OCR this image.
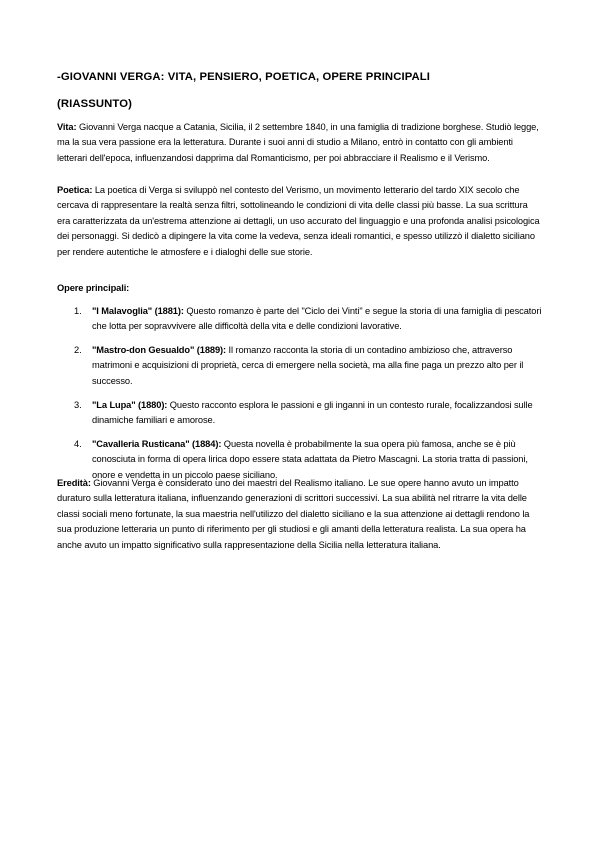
-GIOVANNI VERGA: VITA, PENSIERO, POETICA, OPERE PRINCIPALI
(RIASSUNTO)

Vita: Giovanni Verga nacque a Catania, Sicilia, il 2 settembre 1840, in una famiglia di tradizione borghese. Studiò legge, ma la sua vera passione era la letteratura. Durante i suoi anni di studio a Milano, entrò in contatto con gli ambienti letterari dell'epoca, influenzandosi dapprima dal Romanticismo, per poi abbracciare il Realismo e il Verismo.

Poetica: La poetica di Verga si sviluppò nel contesto del Verismo, un movimento letterario del tardo XIX secolo che cercava di rappresentare la realtà senza filtri, sottolineando le condizioni di vita delle classi più basse. La sua scrittura era caratterizzata da un'estrema attenzione ai dettagli, un uso accurato del linguaggio e una profonda analisi psicologica dei personaggi. Si dedicò a dipingere la vita come la vedeva, senza ideali romantici, e spesso utilizzò il dialetto siciliano per rendere autentiche le atmosfere e i dialoghi delle sue storie.

Opere principali:

1. "I Malavoglia" (1881): Questo romanzo è parte del "Ciclo dei Vinti" e segue la storia di una famiglia di pescatori che lotta per sopravvivere alle difficoltà della vita e delle condizioni lavorative.
2. "Mastro-don Gesualdo" (1889): Il romanzo racconta la storia di un contadino ambizioso che, attraverso matrimoni e acquisizioni di proprietà, cerca di emergere nella società, ma alla fine paga un prezzo alto per il successo.
3. "La Lupa" (1880): Questo racconto esplora le passioni e gli inganni in un contesto rurale, focalizzandosi sulle dinamiche familiari e amorose.
4. "Cavalleria Rusticana" (1884): Questa novella è probabilmente la sua opera più famosa, anche se è più conosciuta in forma di opera lirica dopo essere stata adattata da Pietro Mascagni. La storia tratta di passioni, onore e vendetta in un piccolo paese siciliano.

Eredità: Giovanni Verga è considerato uno dei maestri del Realismo italiano. Le sue opere hanno avuto un impatto duraturo sulla letteratura italiana, influenzando generazioni di scrittori successivi. La sua abilità nel ritrarre la vita delle classi sociali meno fortunate, la sua maestria nell'utilizzo del dialetto siciliano e la sua attenzione ai dettagli rendono la sua produzione letteraria un punto di riferimento per gli studiosi e gli amanti della letteratura realista. La sua opera ha anche avuto un impatto significativo sulla rappresentazione della Sicilia nella letteratura italiana.
